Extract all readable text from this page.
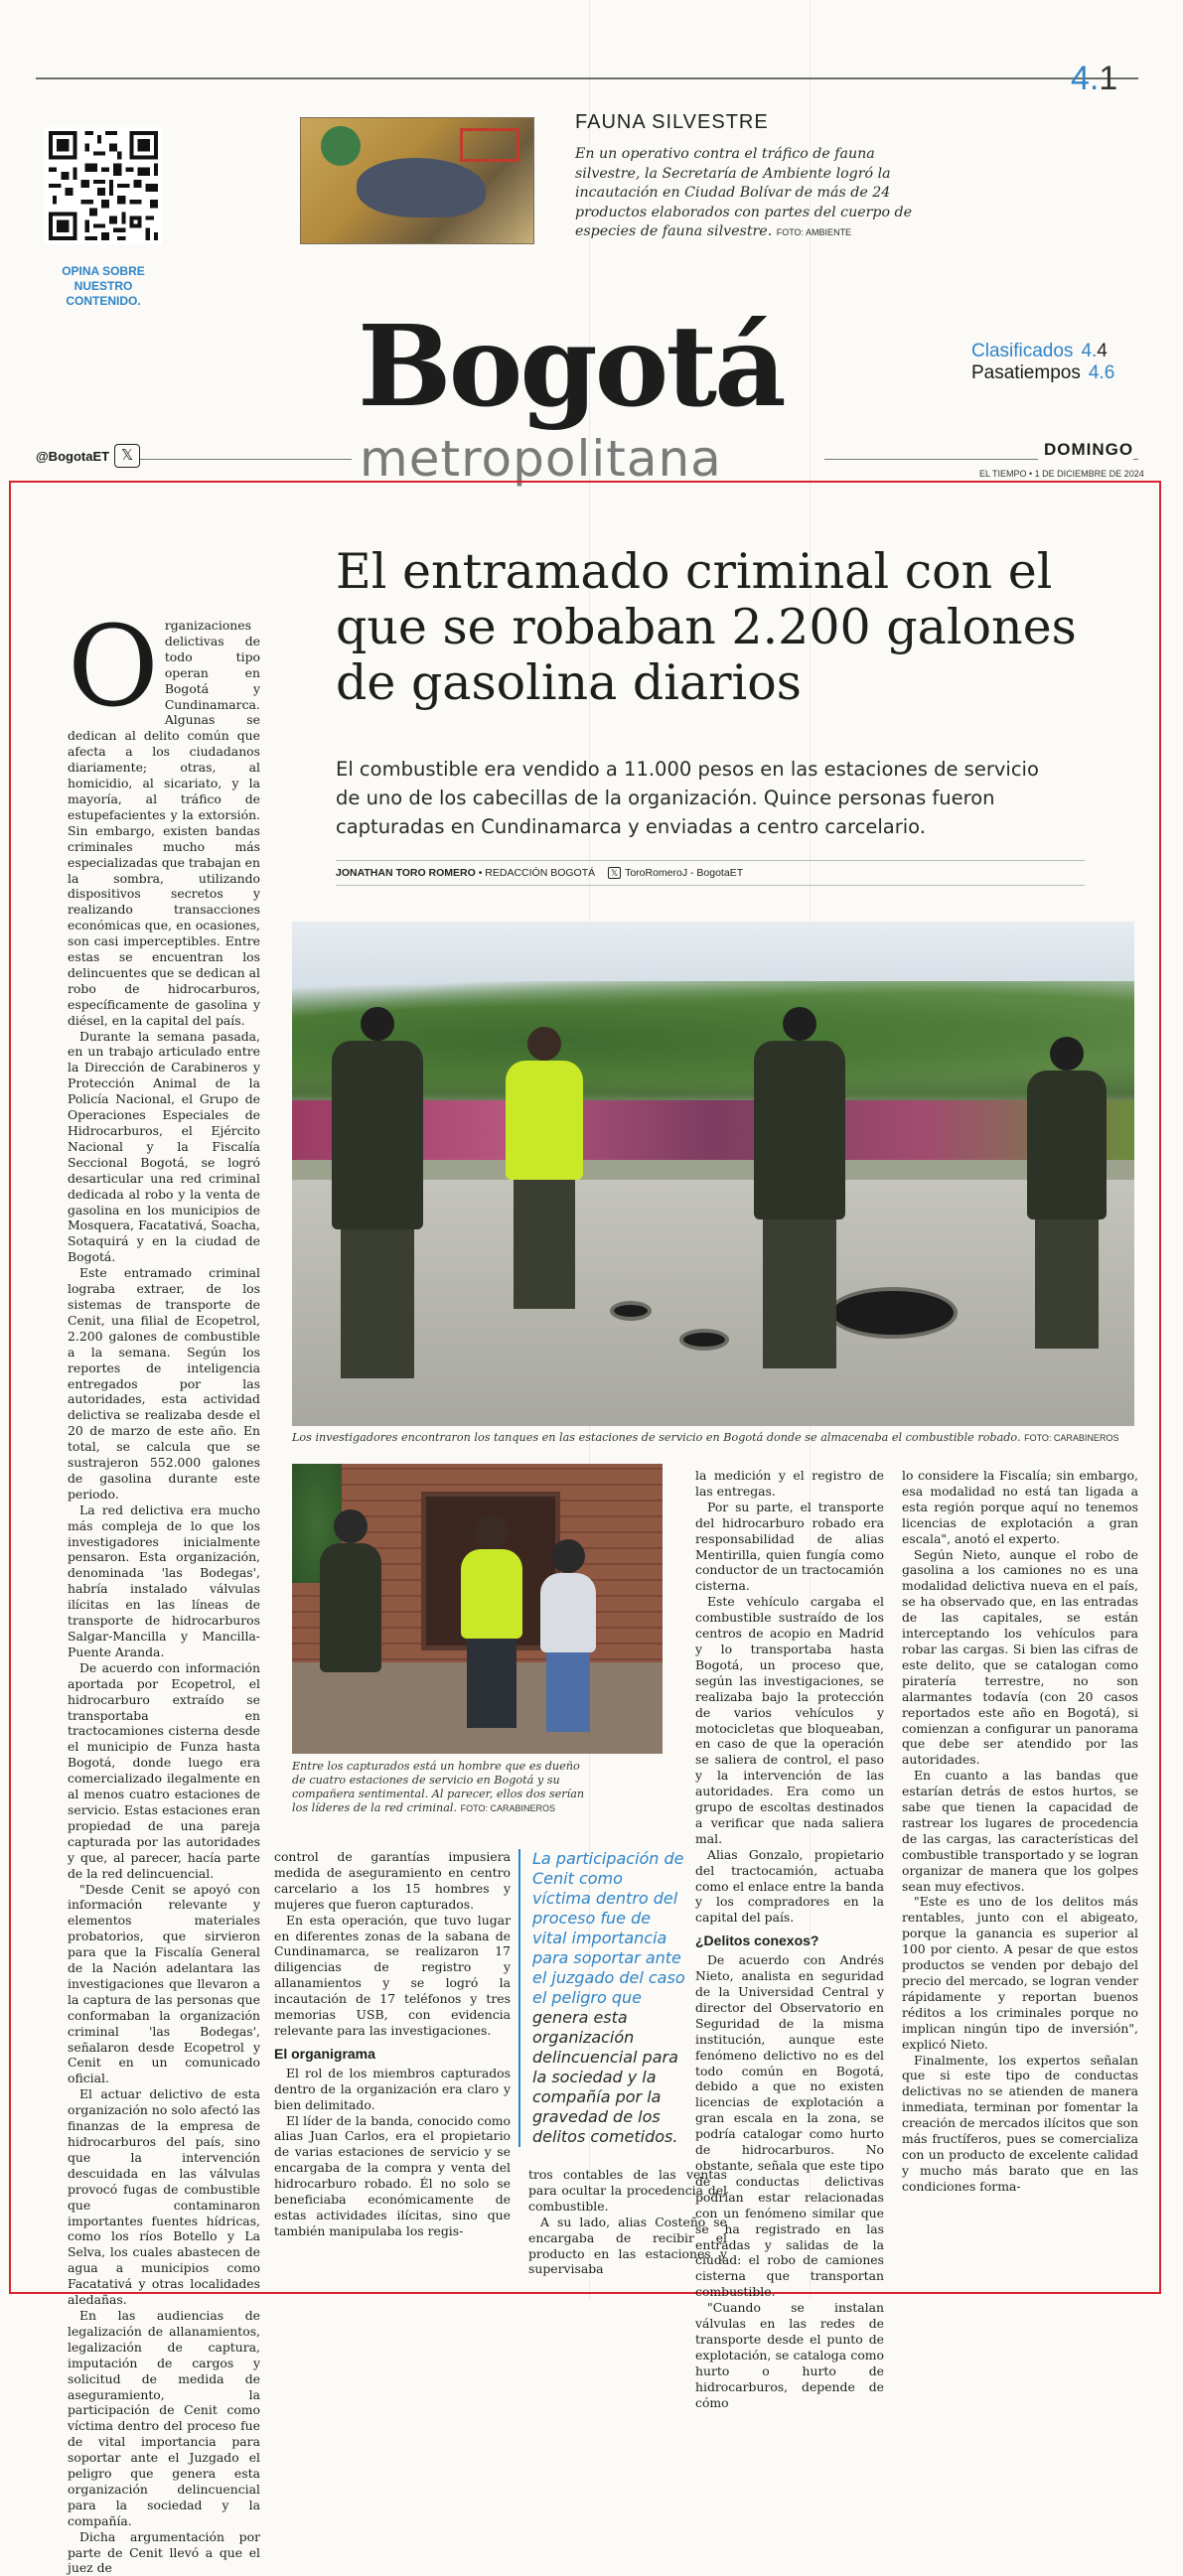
4.1
OPINA SOBRE NUESTRO CONTENIDO.
FAUNA SILVESTRE
En un operativo contra el tráfico de fauna silvestre, la Secretaría de Ambiente logró la incautación en Ciudad Bolívar de más de 24 productos elaborados con partes del cuerpo de especies de fauna silvestre. FOTO: AMBIENTE
Clasificados 4.4
Pasatiempos 4.6
Bogotá
metropolitana
@BogotaET 𝕏	DOMINGO
EL TIEMPO • 1 DE DICIEMBRE DE 2024
El entramado criminal con el que se robaban 2.200 galones de gasolina diarios
El combustible era vendido a 11.000 pesos en las estaciones de servicio de uno de los cabecillas de la organización. Quince personas fueron capturadas en Cundinamarca y enviadas a centro carcelario.
JONATHAN TORO ROMERO • REDACCIÓN BOGOTÁ 𝕏 ToroRomeroJ - BogotaET
O rganizaciones delictivas de todo tipo operan en Bogotá y Cundinamarca. Algunas se dedican al delito común que afecta a los ciudadanos diariamente; otras, al homicidio, al sicariato, y la mayoría, al tráfico de estupefacientes y la extorsión. Sin embargo, existen bandas criminales mucho más especializadas que trabajan en la sombra, utilizando dispositivos secretos y realizando transacciones económicas que, en ocasiones, son casi imperceptibles. Entre estas se encuentran los delincuentes que se dedican al robo de hidrocarburos, específicamente de gasolina y diésel, en la capital del país.

Durante la semana pasada, en un trabajo articulado entre la Dirección de Carabineros y Protección Animal de la Policía Nacional, el Grupo de Operaciones Especiales de Hidrocarburos, el Ejército Nacional y la Fiscalía Seccional Bogotá, se logró desarticular una red criminal dedicada al robo y la venta de gasolina en los municipios de Mosquera, Facatativá, Soacha, Sotaquirá y en la ciudad de Bogotá.

Este entramado criminal lograba extraer, de los sistemas de transporte de Cenit, una filial de Ecopetrol, 2.200 galones de combustible a la semana. Según los reportes de inteligencia entregados por las autoridades, esta actividad delictiva se realizaba desde el 20 de marzo de este año. En total, se calcula que se sustrajeron 552.000 galones de gasolina durante este periodo.

La red delictiva era mucho más compleja de lo que los investigadores inicialmente pensaron. Esta organización, denominada 'las Bodegas', habría instalado válvulas ilícitas en las líneas de transporte de hidrocarburos Salgar-Mancilla y Mancilla-Puente Aranda.

De acuerdo con información aportada por Ecopetrol, el hidrocarburo extraído se transportaba en tractocamiones cisterna desde el municipio de Funza hasta Bogotá, donde luego era comercializado ilegalmente en al menos cuatro estaciones de servicio. Estas estaciones eran propiedad de una pareja capturada por las autoridades y que, al parecer, hacía parte de la red delincuencial.

"Desde Cenit se apoyó con información relevante y elementos materiales probatorios, que sirvieron para que la Fiscalía General de la Nación adelantara las investigaciones que llevaron a la captura de las personas que conformaban la organización criminal 'las Bodegas', señalaron desde Ecopetrol y Cenit en un comunicado oficial.

El actuar delictivo de esta organización no solo afectó las finanzas de la empresa de hidrocarburos del país, sino que la intervención descuidada en las válvulas provocó fugas de combustible que contaminaron importantes fuentes hídricas, como los ríos Botello y La Selva, los cuales abastecen de agua a municipios como Facatativá y otras localidades aledañas.

En las audiencias de legalización de allanamientos, legalización de captura, imputación de cargos y solicitud de medida de aseguramiento, la participación de Cenit como víctima dentro del proceso fue de vital importancia para soportar ante el Juzgado el peligro que genera esta organización delincuencial para la sociedad y la compañía.

Dicha argumentación por parte de Cenit llevó a que el juez de

Los investigadores encontraron los tanques en las estaciones de servicio en Bogotá donde se almacenaba el combustible robado. FOTO: CARABINEROS
Entre los capturados está un hombre que es dueño de cuatro estaciones de servicio en Bogotá y su compañera sentimental. Al parecer, ellos dos serían los líderes de la red criminal. FOTO: CARABINEROS

control de garantías impusiera medida de aseguramiento en centro carcelario a los 15 hombres y mujeres que fueron capturados.

En esta operación, que tuvo lugar en diferentes zonas de la sabana de Cundinamarca, se realizaron 17 diligencias de registro y allanamientos y se logró la incautación de 17 teléfonos y tres memorias USB, con evidencia relevante para las investigaciones.

El organigrama

El rol de los miembros capturados dentro de la organización era claro y bien delimitado.

El líder de la banda, conocido como alias Juan Carlos, era el propietario de varias estaciones de servicio y se encargaba de la compra y venta del hidrocarburo robado. Él no solo se beneficiaba económicamente de estas actividades ilícitas, sino que también manipulaba los regis-

La participación de Cenit como víctima dentro del proceso fue de vital importancia para soportar ante el juzgado del caso el peligro que genera esta organización delincuencial para la sociedad y la compañía por la gravedad de los delitos cometidos.

tros contables de las ventas para ocultar la procedencia del combustible.

A su lado, alias Costeño se encargaba de recibir el producto en las estaciones y supervisaba

la medición y el registro de las entregas.

Por su parte, el transporte del hidrocarburo robado era responsabilidad de alias Mentirilla, quien fungía como conductor de un tractocamión cisterna.

Este vehículo cargaba el combustible sustraído de los centros de acopio en Madrid y lo transportaba hasta Bogotá, un proceso que, según las investigaciones, se realizaba bajo la protección de varios vehículos y motocicletas que bloqueaban, en caso de que la operación se saliera de control, el paso y la intervención de las autoridades. Era como un grupo de escoltas destinados a verificar que nada saliera mal.

Alias Gonzalo, propietario del tractocamión, actuaba como el enlace entre la banda y los compradores en la capital del país.

¿Delitos conexos?

De acuerdo con Andrés Nieto, analista en seguridad de la Universidad Central y director del Observatorio en Seguridad de la misma institución, aunque este fenómeno delictivo no es del todo común en Bogotá, debido a que no existen licencias de explotación a gran escala en la zona, se podría catalogar como hurto de hidrocarburos. No obstante, señala que este tipo de conductas delictivas podrían estar relacionadas con un fenómeno similar que se ha registrado en las entradas y salidas de la ciudad: el robo de camiones cisterna que transportan combustible.

"Cuando se instalan válvulas en las redes de transporte desde el punto de explotación, se cataloga como hurto o hurto de hidrocarburos, depende de cómo

lo considere la Fiscalía; sin embargo, esa modalidad no está tan ligada a esta región porque aquí no tenemos licencias de explotación a gran escala", anotó el experto.

Según Nieto, aunque el robo de gasolina a los camiones no es una modalidad delictiva nueva en el país, se ha observado que, en las entradas de las capitales, se están interceptando los vehículos para robar las cargas. Si bien las cifras de este delito, que se catalogan como piratería terrestre, no son alarmantes todavía (con 20 casos reportados este año en Bogotá), si comienzan a configurar un panorama que debe ser atendido por las autoridades.

En cuanto a las bandas que estarían detrás de estos hurtos, se sabe que tienen la capacidad de rastrear los lugares de procedencia de las cargas, las características del combustible transportado y se logran organizar de manera que los golpes sean muy efectivos.

"Este es uno de los delitos más rentables, junto con el abigeato, porque la ganancia es superior al 100 por ciento. A pesar de que estos productos se venden por debajo del precio del mercado, se logran vender rápidamente y reportan buenos réditos a los criminales porque no implican ningún tipo de inversión", explicó Nieto.

Finalmente, los expertos señalan que si este tipo de conductas delictivas no se atienden de manera inmediata, terminan por fomentar la creación de mercados ilícitos que son más fructíferos, pues se comercializa con un producto de excelente calidad y mucho más barato que en las condiciones forma-
